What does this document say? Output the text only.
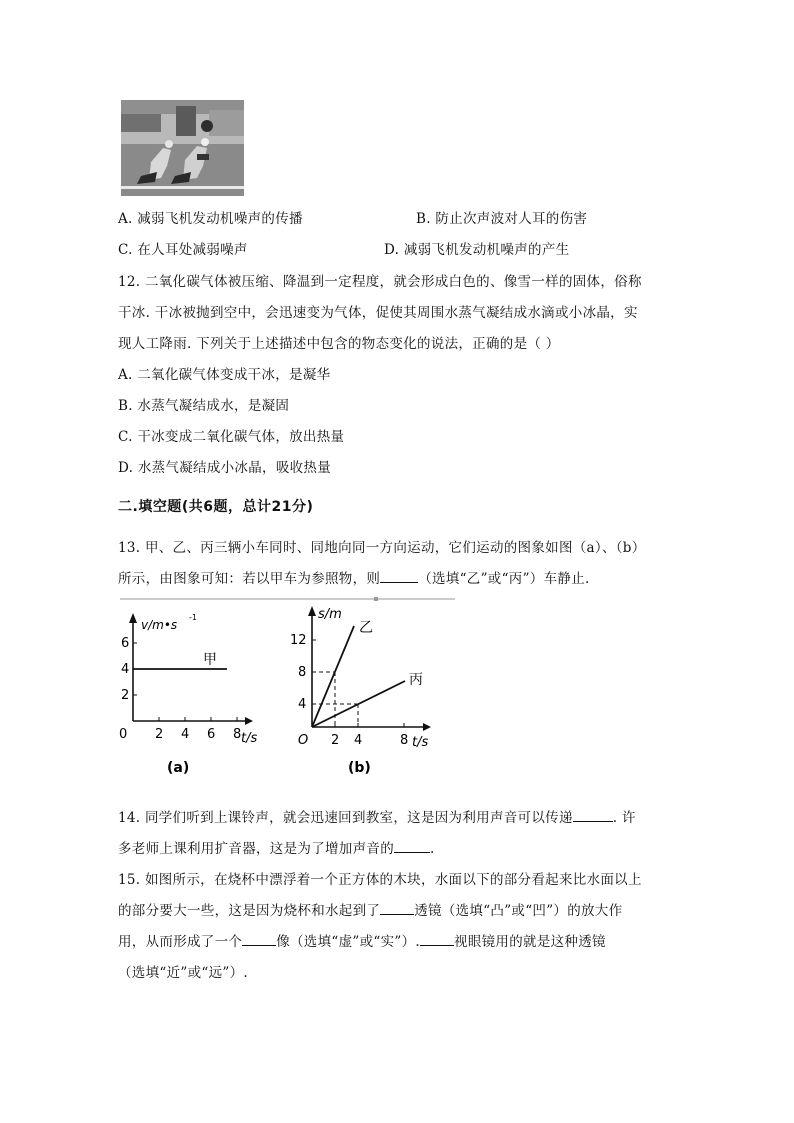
A. 减弱飞机发动机噪声的传播	B. 防止次声波对人耳的伤害
C. 在人耳处减弱噪声	D. 减弱飞机发动机噪声的产生
12. 二氧化碳气体被压缩、降温到一定程度，就会形成白色的、像雪一样的固体，俗称
干冰. 干冰被抛到空中，会迅速变为气体，促使其周围水蒸气凝结成水滴或小冰晶，实
现人工降雨. 下列关于上述描述中包含的物态变化的说法，正确的是（ ）
A. 二氧化碳气体变成干冰，是凝华
B. 水蒸气凝结成水，是凝固
C. 干冰变成二氧化碳气体，放出热量
D. 水蒸气凝结成小冰晶，吸收热量
二.填空题(共6题，总计21分)
13. 甲、乙、丙三辆小车同时、同地向同一方向运动，它们运动的图象如图（a）、（b）
所示，由图象可知：若以甲车为参照物，则	（选填“乙”或“丙”）车静止.
v/m•s
-1
6
4
2
2 4 6 8
0	t/s
甲
(a)
s/m
12
8
4
2 4	8
O	t/s
乙
丙
(b)
14. 同学们听到上课铃声，就会迅速回到教室，这是因为利用声音可以传递	. 许
多老师上课利用扩音器，这是为了增加声音的	.
15. 如图所示，在烧杯中漂浮着一个正方体的木块，水面以下的部分看起来比水面以上
的部分要大一些，这是因为烧杯和水起到了	透镜（选填“凸”或“凹”）的放大作
用，从而形成了一个	像（选填“虚”或“实”）.	视眼镜用的就是这种透镜
（选填“近”或“远”）.
